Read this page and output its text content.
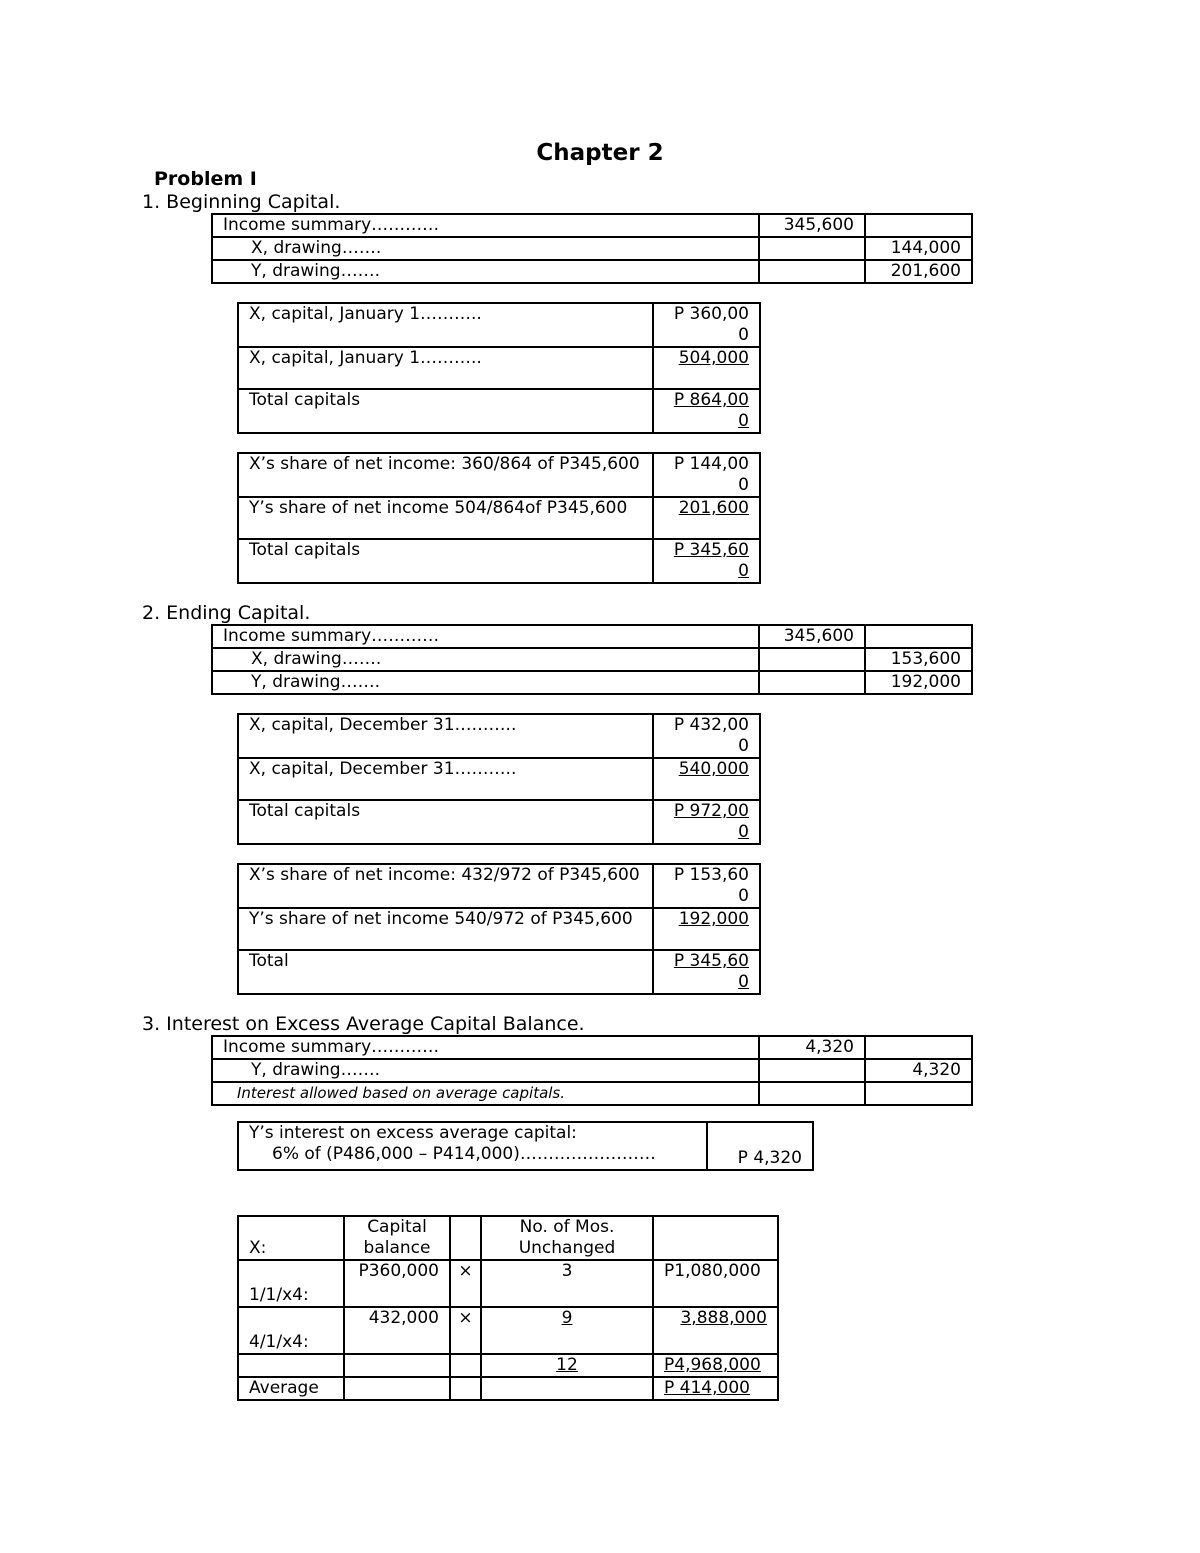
Chapter 2
Problem I
1. Beginning Capital.
Income summary…………	345,600	
X, drawing…….		144,000
Y, drawing…….		201,600
X, capital, January 1………..	P 360,000
X, capital, January 1………..	504,000
Total capitals	P 864,000
X’s share of net income: 360/864 of P345,600	P 144,000
Y’s share of net income 504/864of P345,600	201,600
Total capitals	P 345,600
2. Ending Capital.
Income summary…………	345,600	
X, drawing…….		153,600
Y, drawing…….		192,000
X, capital, December 31………..	P 432,000
X, capital, December 31………..	540,000
Total capitals	P 972,000
X’s share of net income: 432/972 of P345,600	P 153,600
Y’s share of net income 540/972 of P345,600	192,000
Total	P 345,600
3. Interest on Excess Average Capital Balance.
Income summary…………	4,320	
Y, drawing…….		4,320
Interest allowed based on average capitals.		
Y’s interest on excess average capital:
6% of (P486,000 – P414,000)……………………	P 4,320
X:	Capital balance		No. of Mos. Unchanged	
1/1/x4:	P360,000	×	3	P1,080,000
4/1/x4:	432,000	×	9	3,888,000
			12	P4,968,000
Average				P 414,000
